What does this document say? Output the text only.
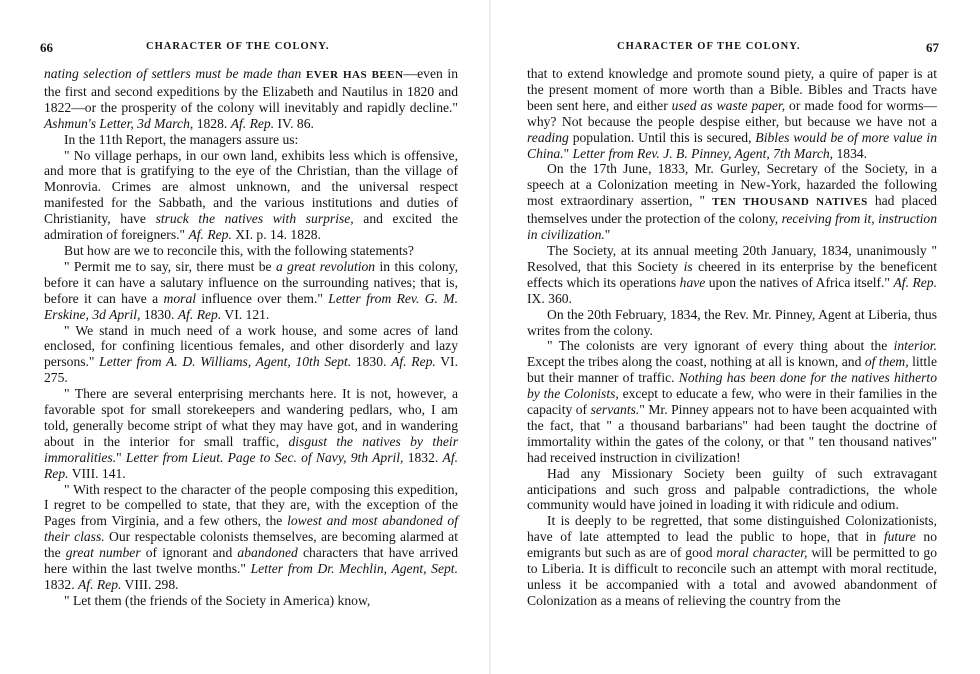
66	CHARACTER OF THE COLONY.

nating selection of settlers must be made than EVER HAS BEEN—even in the first and second expeditions by the Elizabeth and Nautilus in 1820 and 1822—or the prosperity of the colony will inevitably and rapidly decline." Ashmun's Letter, 3d March, 1828. Af. Rep. IV. 86.

In the 11th Report, the managers assure us:

" No village perhaps, in our own land, exhibits less which is offensive, and more that is gratifying to the eye of the Christian, than the village of Monrovia. Crimes are almost unknown, and the universal respect manifested for the Sabbath, and the various institutions and duties of Christianity, have struck the natives with surprise, and excited the admiration of foreigners." Af. Rep. XI. p. 14. 1828.

But how are we to reconcile this, with the following statements?

" Permit me to say, sir, there must be a great revolution in this colony, before it can have a salutary influence on the surrounding natives; that is, before it can have a moral influence over them." Letter from Rev. G. M. Erskine, 3d April, 1830. Af. Rep. VI. 121.

" We stand in much need of a work house, and some acres of land enclosed, for confining licentious females, and other disorderly and lazy persons." Letter from A. D. Williams, Agent, 10th Sept. 1830. Af. Rep. VI. 275.

" There are several enterprising merchants here. It is not, however, a favorable spot for small storekeepers and wandering pedlars, who, I am told, generally become stript of what they may have got, and in wandering about in the interior for small traffic, disgust the natives by their immoralities." Letter from Lieut. Page to Sec. of Navy, 9th April, 1832. Af. Rep. VIII. 141.

" With respect to the character of the people composing this expedition, I regret to be compelled to state, that they are, with the exception of the Pages from Virginia, and a few others, the lowest and most abandoned of their class. Our respectable colonists themselves, are becoming alarmed at the great number of ignorant and abandoned characters that have arrived here within the last twelve months." Letter from Dr. Mechlin, Agent, Sept. 1832. Af. Rep. VIII. 298.

" Let them (the friends of the Society in America) know,

CHARACTER OF THE COLONY.	67

that to extend knowledge and promote sound piety, a quire of paper is at the present moment of more worth than a Bible. Bibles and Tracts have been sent here, and either used as waste paper, or made food for worms—why? Not because the people despise either, but because we have not a reading population. Until this is secured, Bibles would be of more value in China." Letter from Rev. J. B. Pinney, Agent, 7th March, 1834.

On the 17th June, 1833, Mr. Gurley, Secretary of the Society, in a speech at a Colonization meeting in New-York, hazarded the following most extraordinary assertion, " TEN THOUSAND NATIVES had placed themselves under the protection of the colony, receiving from it, instruction in civilization."

The Society, at its annual meeting 20th January, 1834, unanimously " Resolved, that this Society is cheered in its enterprise by the beneficent effects which its operations have upon the natives of Africa itself." Af. Rep. IX. 360.

On the 20th February, 1834, the Rev. Mr. Pinney, Agent at Liberia, thus writes from the colony.

" The colonists are very ignorant of every thing about the interior. Except the tribes along the coast, nothing at all is known, and of them, little but their manner of traffic. Nothing has been done for the natives hitherto by the Colonists, except to educate a few, who were in their families in the capacity of servants." Mr. Pinney appears not to have been acquainted with the fact, that " a thousand barbarians" had been taught the doctrine of immortality within the gates of the colony, or that " ten thousand natives" had received instruction in civilization!

Had any Missionary Society been guilty of such extravagant anticipations and such gross and palpable contradictions, the whole community would have joined in loading it with ridicule and odium.

It is deeply to be regretted, that some distinguished Colonizationists, have of late attempted to lead the public to hope, that in future no emigrants but such as are of good moral character, will be permitted to go to Liberia. It is difficult to reconcile such an attempt with moral rectitude, unless it be accompanied with a total and avowed abandonment of Colonization as a means of relieving the country from the
